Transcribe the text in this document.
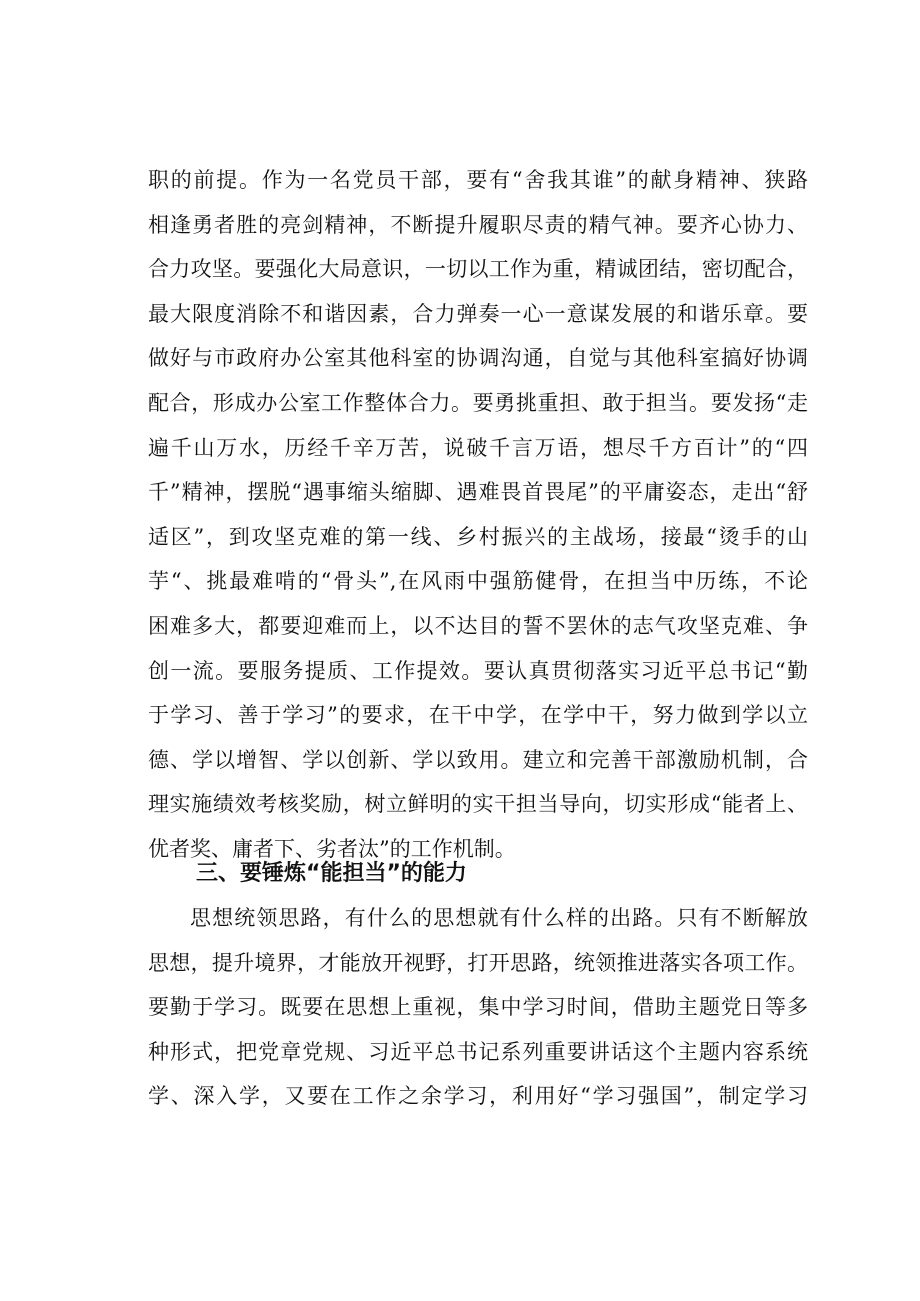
职的前提。作为一名党员干部，要有“舍我其谁”的献身精神、狭路
相逢勇者胜的亮剑精神，不断提升履职尽责的精气神。要齐心协力、
合力攻坚。要强化大局意识，一切以工作为重，精诚团结，密切配合，
最大限度消除不和谐因素，合力弹奏一心一意谋发展的和谐乐章。要
做好与市政府办公室其他科室的协调沟通，自觉与其他科室搞好协调
配合，形成办公室工作整体合力。要勇挑重担、敢于担当。要发扬“走
遍千山万水，历经千辛万苦，说破千言万语，想尽千方百计”的“四
千”精神，摆脱“遇事缩头缩脚、遇难畏首畏尾”的平庸姿态，走出“舒
适区”，到攻坚克难的第一线、乡村振兴的主战场，接最“烫手的山
芋“、挑最难啃的“骨头”,在风雨中强筋健骨，在担当中历练，不论
困难多大，都要迎难而上，以不达目的誓不罢休的志气攻坚克难、争
创一流。要服务提质、工作提效。要认真贯彻落实习近平总书记“勤
于学习、善于学习”的要求，在干中学，在学中干，努力做到学以立
德、学以增智、学以创新、学以致用。建立和完善干部激励机制，合
理实施绩效考核奖励，树立鲜明的实干担当导向，切实形成“能者上、
优者奖、庸者下、劣者汰”的工作机制。
三、要锤炼“能担当”的能力
思想统领思路，有什么的思想就有什么样的出路。只有不断解放
思想，提升境界，才能放开视野，打开思路，统领推进落实各项工作。
要勤于学习。既要在思想上重视，集中学习时间，借助主题党日等多
种形式，把党章党规、习近平总书记系列重要讲话这个主题内容系统
学、深入学，又要在工作之余学习，利用好“学习强国”，制定学习
